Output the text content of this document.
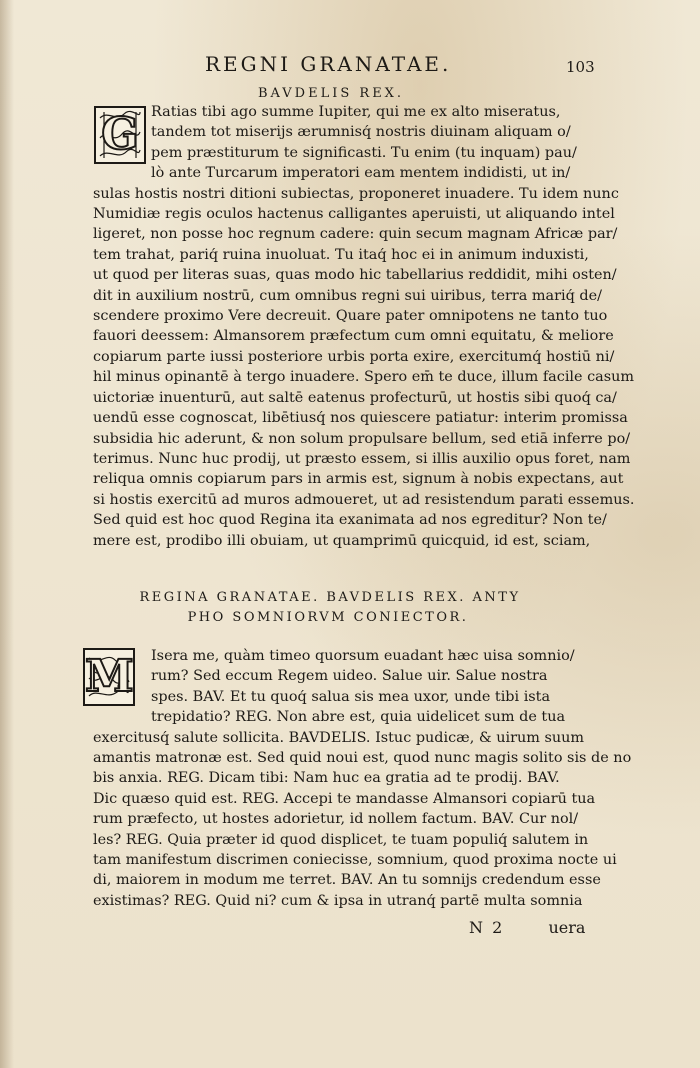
REGNI GRANATAE.	103
BAVDELIS REX.
G Ratias tibi ago summe Iupiter, qui me ex alto miseratus,
tandem tot miserijs ærumnisq́ nostris diuinam aliquam o/
pem præstiturum te significasti. Tu enim (tu inquam) pau/
lò ante Turcarum imperatori eam mentem indidisti, ut in/
sulas hostis nostri ditioni subiectas, proponeret inuadere. Tu idem nunc
Numidiæ regis oculos hactenus calligantes aperuisti, ut aliquando intel
ligeret, non posse hoc regnum cadere: quin secum magnam Africæ par/
tem trahat, pariq́ ruina inuoluat. Tu itaq́ hoc ei in animum induxisti,
ut quod per literas suas, quas modo hic tabellarius reddidit, mihi osten/
dit in auxilium nostrū, cum omnibus regni sui uiribus, terra mariq́ de/
scendere proximo Vere decreuit. Quare pater omnipotens ne tanto tuo
fauori deessem: Almansorem præfectum cum omni equitatu, & meliore
copiarum parte iussi posteriore urbis porta exire, exercitumq́ hostiū ni/
hil minus opinantē à tergo inuadere. Spero em̄ te duce, illum facile casum
uictoriæ inuenturū, aut saltē eatenus profecturū, ut hostis sibi quoq́ ca/
uendū esse cognoscat, libētiusq́ nos quiescere patiatur: interim promissa
subsidia hic aderunt, & non solum propulsare bellum, sed etiā inferre po/
terimus. Nunc huc prodij, ut præsto essem, si illis auxilio opus foret, nam
reliqua omnis copiarum pars in armis est, signum à nobis expectans, aut
si hostis exercitū ad muros admoueret, ut ad resistendum parati essemus.
Sed quid est hoc quod Regina ita exanimata ad nos egreditur? Non te/
mere est, prodibo illi obuiam, ut quamprimū quicquid, id est, sciam,
REGINA GRANATAE. BAVDELIS REX. ANTY
PHO SOMNIORVM CONIECTOR.
M	Isera me, quàm timeo quorsum euadant hæc uisa somnio/
rum? Sed eccum Regem uideo. Salue uir. Salue nostra
spes. BAV. Et tu quoq́ salua sis mea uxor, unde tibi ista
trepidatio? REG. Non abre est, quia uidelicet sum de tua
exercitusq́ salute sollicita. BAVDELIS. Istuc pudicæ, & uirum suum
amantis matronæ est. Sed quid noui est, quod nunc magis solito sis de no
bis anxia. REG. Dicam tibi: Nam huc ea gratia ad te prodij. BAV.
Dic quæso quid est. REG. Accepi te mandasse Almansori copiarū tua
rum præfecto, ut hostes adorietur, id nollem factum. BAV. Cur nol/
les? REG. Quia præter id quod displicet, te tuam populiq́ salutem in
tam manifestum discrimen coniecisse, somnium, quod proxima nocte ui
di, maiorem in modum me terret. BAV. An tu somnijs credendum esse
existimas? REG. Quid ni? cum & ipsa in utranq́ partē multa somnia
N 2	uera
